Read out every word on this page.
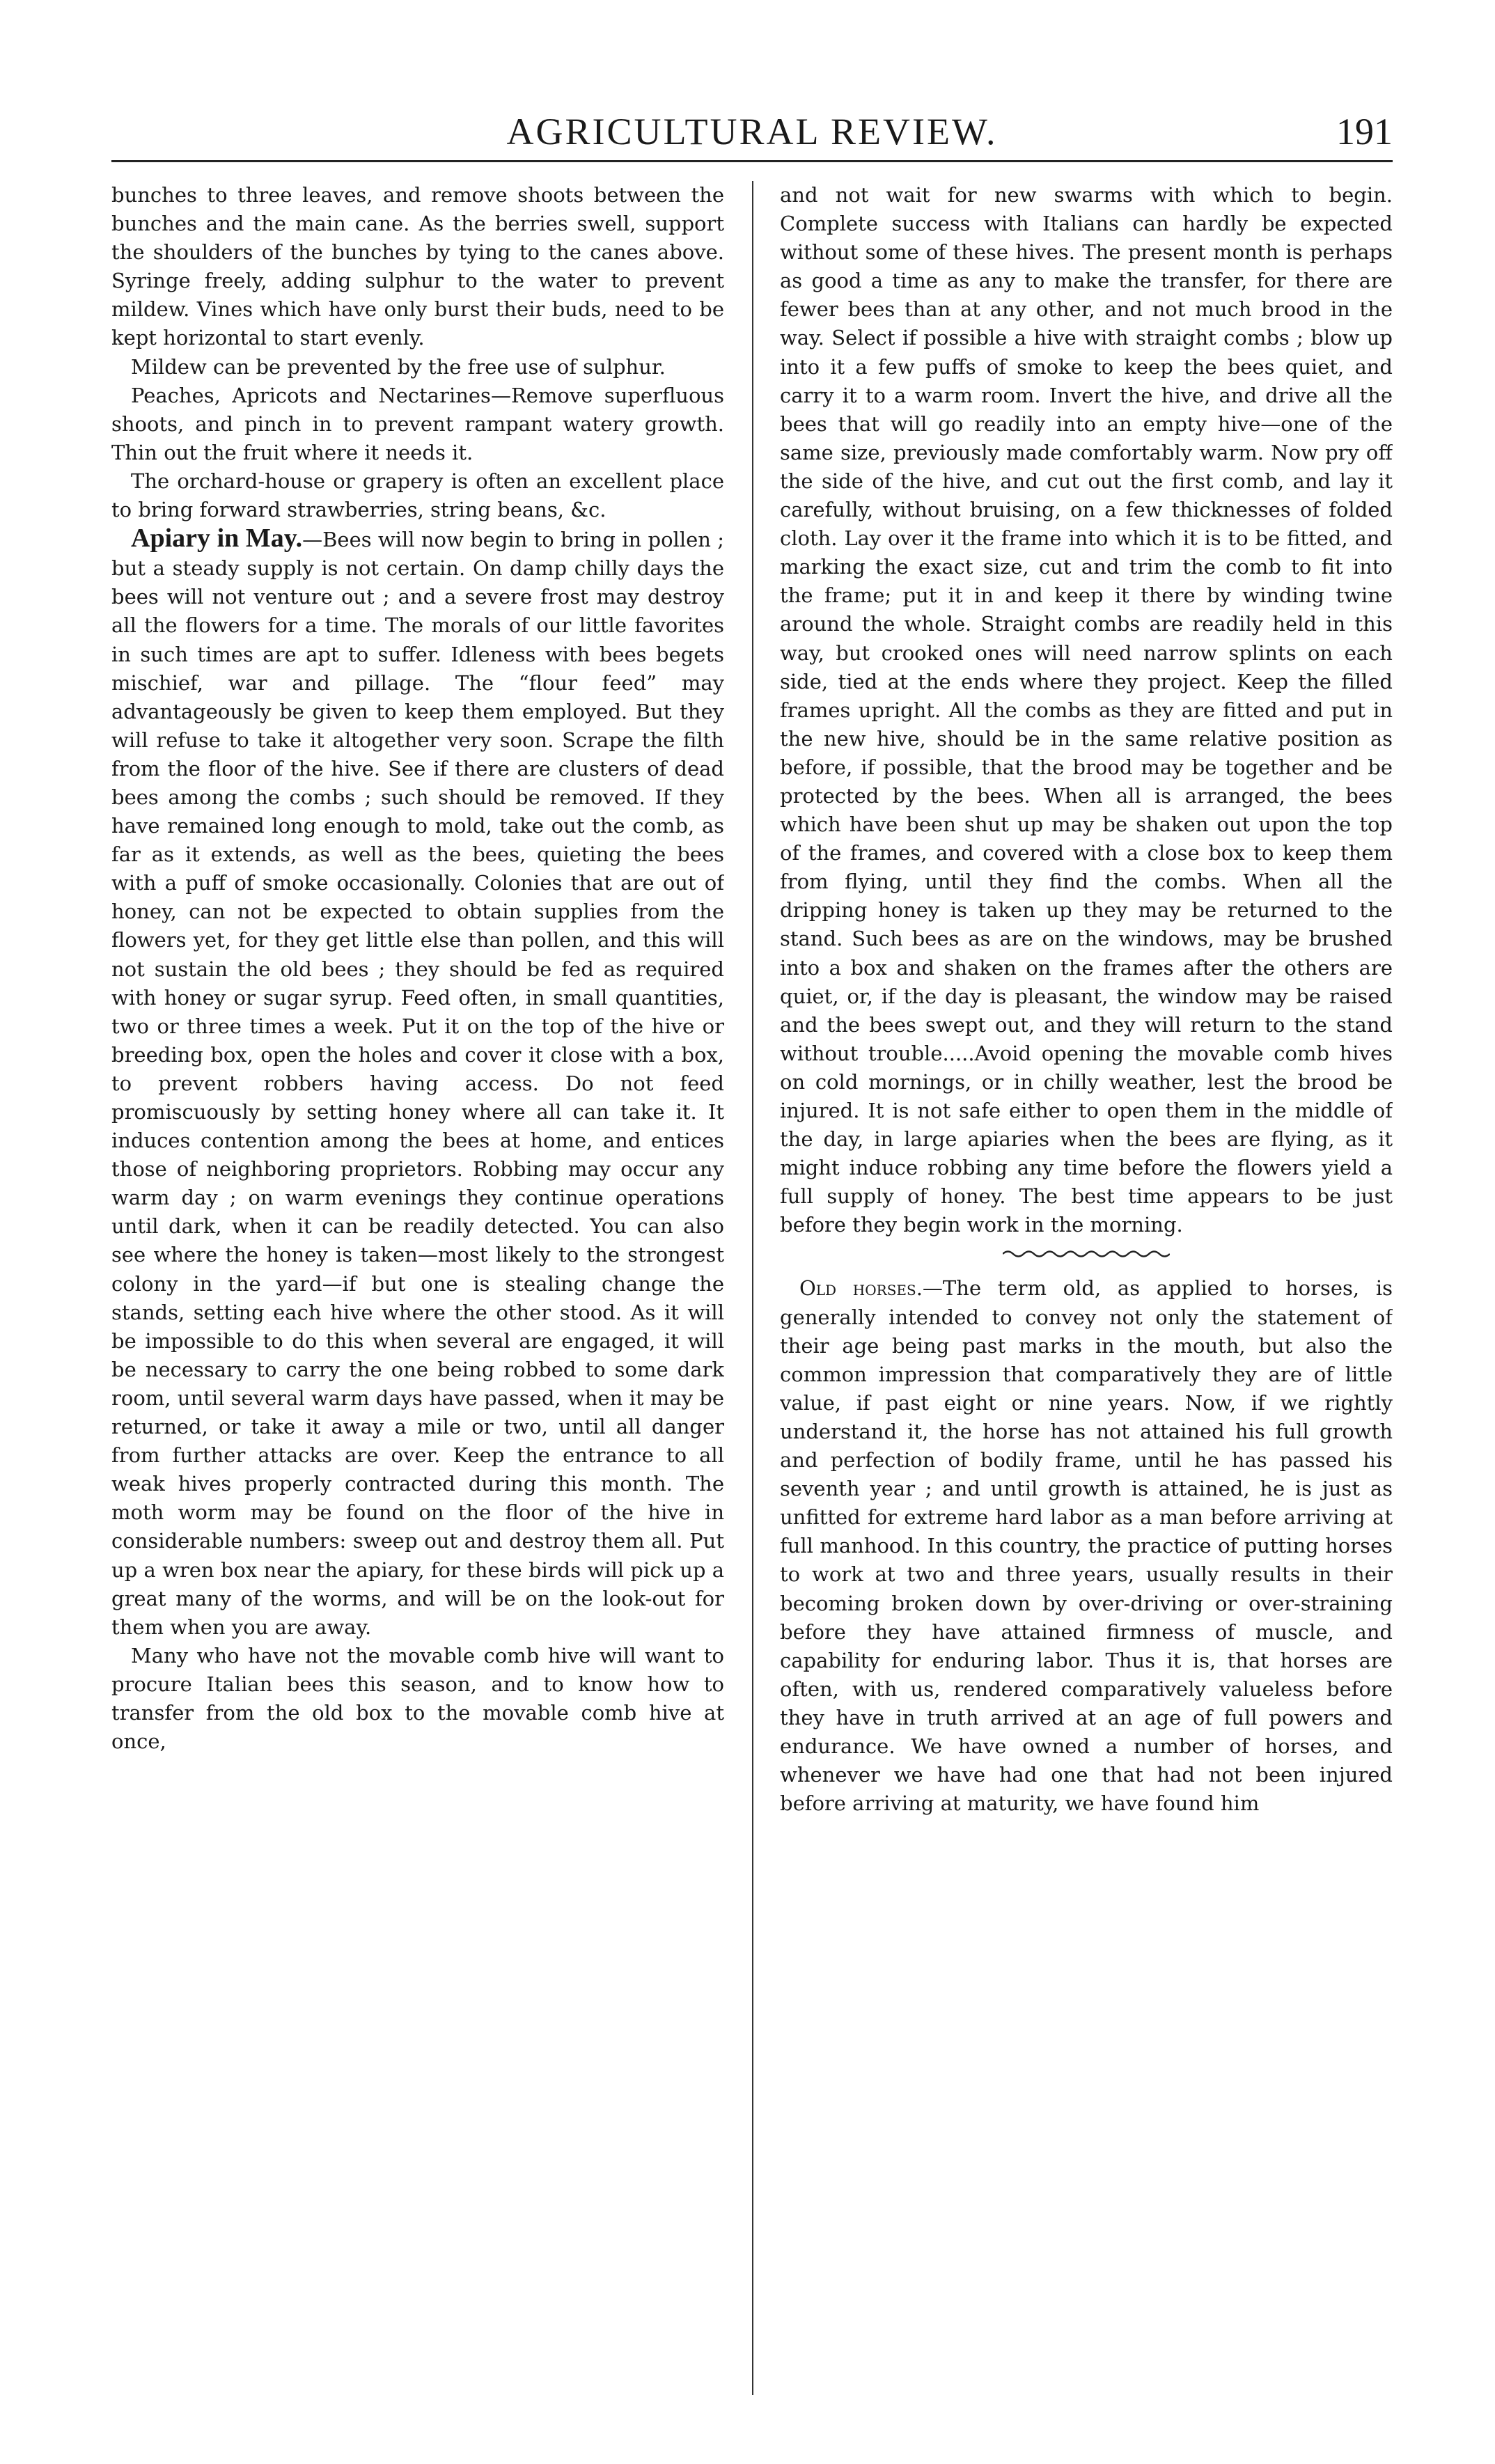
AGRICULTURAL REVIEW.	191

bunches to three leaves, and remove shoots between the bunches and the main cane. As the berries swell, support the shoulders of the bunches by tying to the canes above. Syringe freely, adding sulphur to the water to prevent mildew. Vines which have only burst their buds, need to be kept horizontal to start evenly.

Mildew can be prevented by the free use of sulphur.

Peaches, Apricots and Nectarines—Remove superfluous shoots, and pinch in to prevent rampant watery growth. Thin out the fruit where it needs it.

The orchard-house or grapery is often an excellent place to bring forward strawberries, string beans, &c.

Apiary in May.—Bees will now begin to bring in pollen ; but a steady supply is not certain. On damp chilly days the bees will not venture out ; and a severe frost may destroy all the flowers for a time. The morals of our little favorites in such times are apt to suffer. Idleness with bees begets mischief, war and pillage. The “flour feed” may advantageously be given to keep them employed. But they will refuse to take it altogether very soon. Scrape the filth from the floor of the hive. See if there are clusters of dead bees among the combs ; such should be removed. If they have remained long enough to mold, take out the comb, as far as it extends, as well as the bees, quieting the bees with a puff of smoke occasionally. Colonies that are out of honey, can not be expected to obtain supplies from the flowers yet, for they get little else than pollen, and this will not sustain the old bees ; they should be fed as required with honey or sugar syrup. Feed often, in small quantities, two or three times a week. Put it on the top of the hive or breeding box, open the holes and cover it close with a box, to prevent robbers having access. Do not feed promiscuously by setting honey where all can take it. It induces contention among the bees at home, and entices those of neighboring proprietors. Robbing may occur any warm day ; on warm evenings they continue operations until dark, when it can be readily detected. You can also see where the honey is taken—most likely to the strongest colony in the yard—if but one is stealing change the stands, setting each hive where the other stood. As it will be impossible to do this when several are engaged, it will be necessary to carry the one being robbed to some dark room, until several warm days have passed, when it may be returned, or take it away a mile or two, until all danger from further attacks are over. Keep the entrance to all weak hives properly contracted during this month. The moth worm may be found on the floor of the hive in considerable numbers: sweep out and destroy them all. Put up a wren box near the apiary, for these birds will pick up a great many of the worms, and will be on the look-out for them when you are away.

Many who have not the movable comb hive will want to procure Italian bees this season, and to know how to transfer from the old box to the movable comb hive at once,

and not wait for new swarms with which to begin. Complete success with Italians can hardly be expected without some of these hives. The present month is perhaps as good a time as any to make the transfer, for there are fewer bees than at any other, and not much brood in the way. Select if possible a hive with straight combs ; blow up into it a few puffs of smoke to keep the bees quiet, and carry it to a warm room. Invert the hive, and drive all the bees that will go readily into an empty hive—one of the same size, previously made comfortably warm. Now pry off the side of the hive, and cut out the first comb, and lay it carefully, without bruising, on a few thicknesses of folded cloth. Lay over it the frame into which it is to be fitted, and marking the exact size, cut and trim the comb to fit into the frame; put it in and keep it there by winding twine around the whole. Straight combs are readily held in this way, but crooked ones will need narrow splints on each side, tied at the ends where they project. Keep the filled frames upright. All the combs as they are fitted and put in the new hive, should be in the same relative position as before, if possible, that the brood may be together and be protected by the bees. When all is arranged, the bees which have been shut up may be shaken out upon the top of the frames, and covered with a close box to keep them from flying, until they find the combs. When all the dripping honey is taken up they may be returned to the stand. Such bees as are on the windows, may be brushed into a box and shaken on the frames after the others are quiet, or, if the day is pleasant, the window may be raised and the bees swept out, and they will return to the stand without trouble.....Avoid opening the movable comb hives on cold mornings, or in chilly weather, lest the brood be injured. It is not safe either to open them in the middle of the day, in large apiaries when the bees are flying, as it might induce robbing any time before the flowers yield a full supply of honey. The best time appears to be just before they begin work in the morning.

Old horses.—The term old, as applied to horses, is generally intended to convey not only the statement of their age being past marks in the mouth, but also the common impression that comparatively they are of little value, if past eight or nine years. Now, if we rightly understand it, the horse has not attained his full growth and perfection of bodily frame, until he has passed his seventh year ; and until growth is attained, he is just as unfitted for extreme hard labor as a man before arriving at full manhood. In this country, the practice of putting horses to work at two and three years, usually results in their becoming broken down by over-driving or over-straining before they have attained firmness of muscle, and capability for enduring labor. Thus it is, that horses are often, with us, rendered comparatively valueless before they have in truth arrived at an age of full powers and endurance. We have owned a number of horses, and whenever we have had one that had not been injured before arriving at maturity, we have found him
